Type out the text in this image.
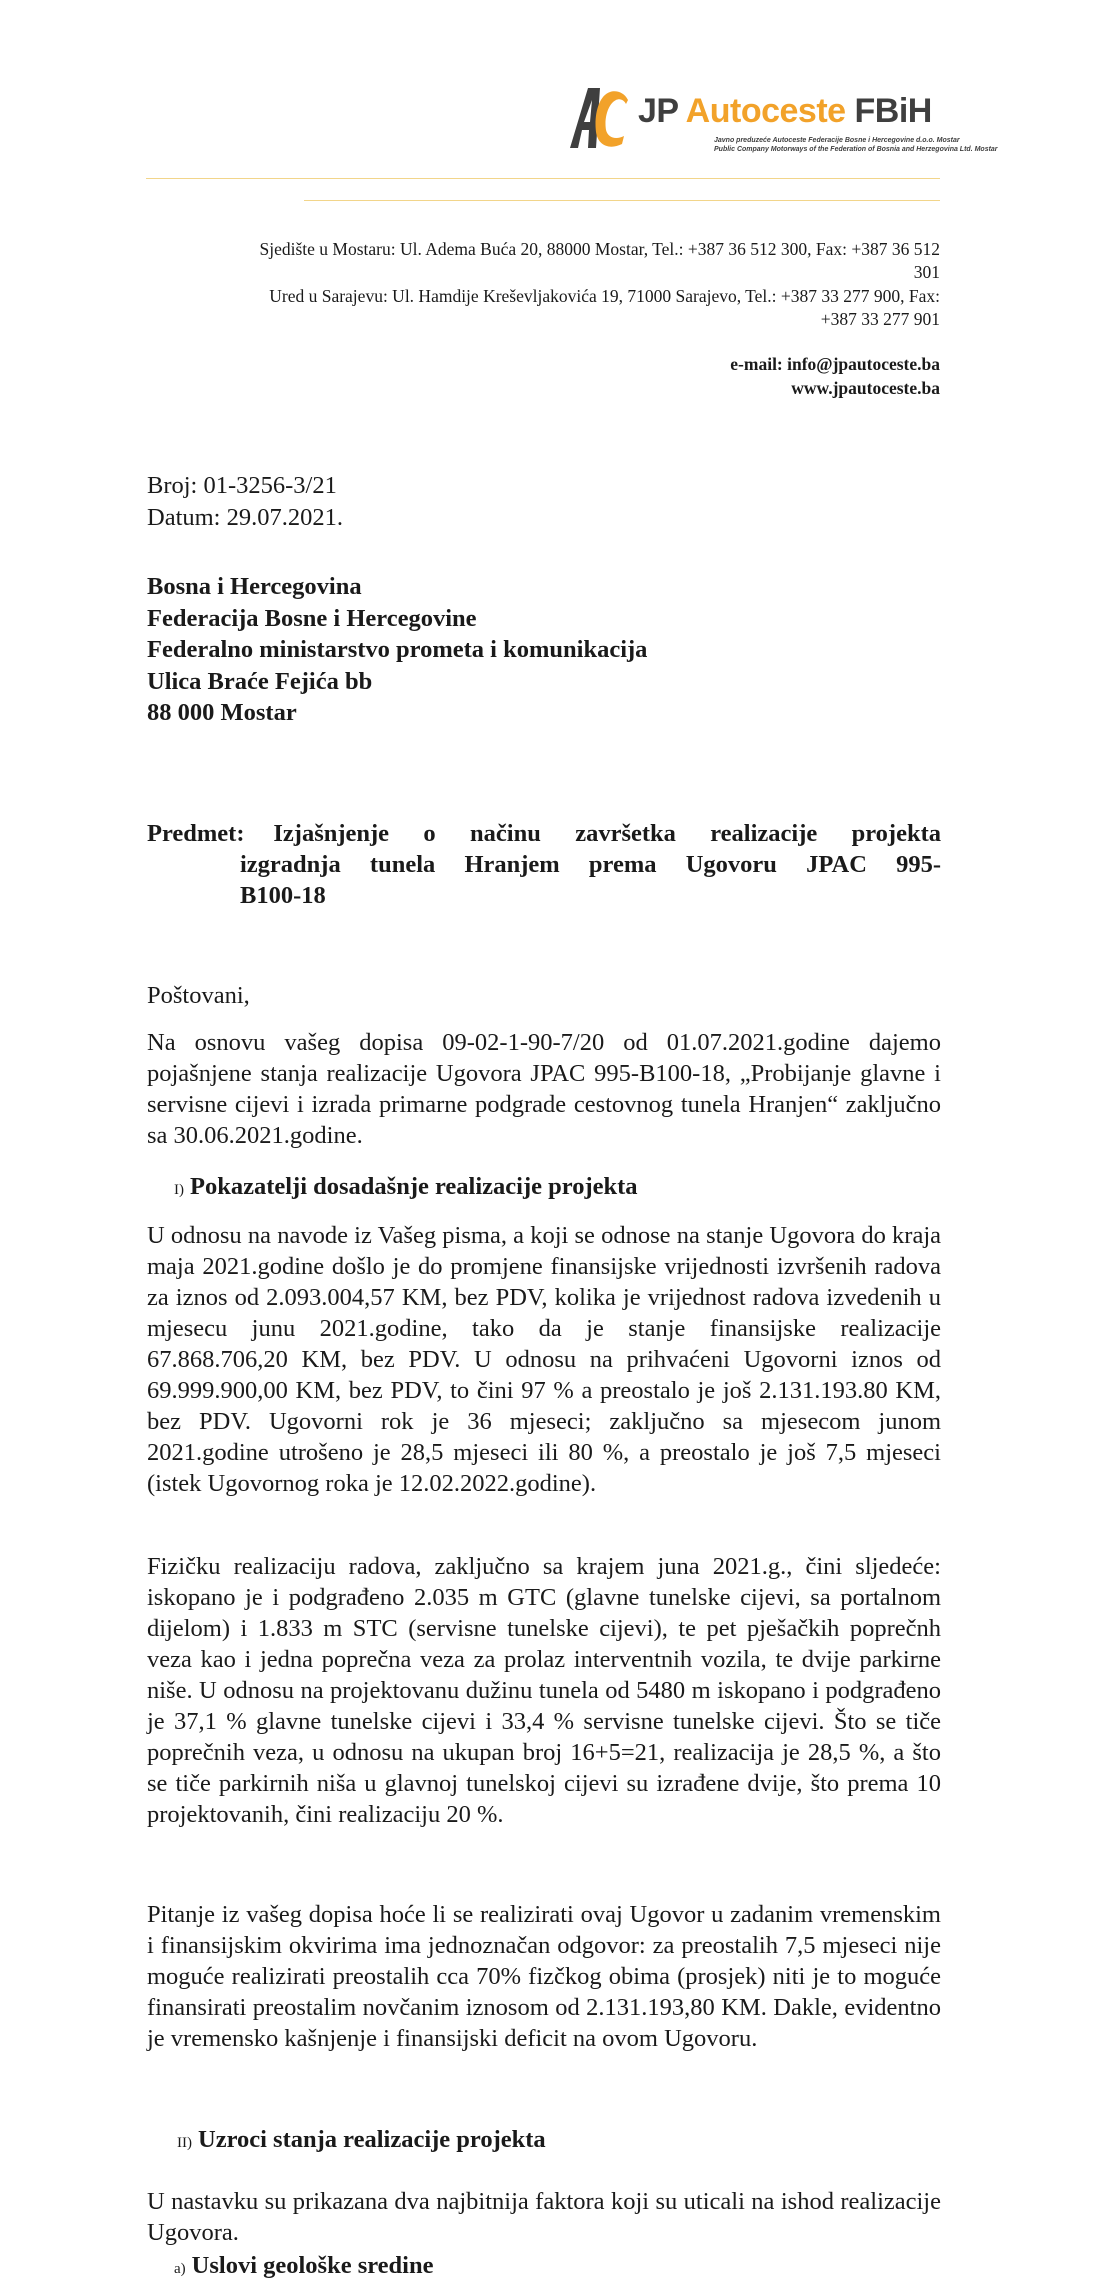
JP Autoceste FBiH
Javno preduzeće Autoceste Federacije Bosne i Hercegovine d.o.o. Mostar
Public Company Motorways of the Federation of Bosnia and Herzegovina Ltd. Mostar
Sjedište u Mostaru: Ul. Adema Buća 20, 88000 Mostar, Tel.: +387 36 512 300, Fax: +387 36 512
301
Ured u Sarajevu: Ul. Hamdije Kreševljakovića 19, 71000 Sarajevo, Tel.: +387 33 277 900, Fax:
+387 33 277 901
e-mail: info@jpautoceste.ba
www.jpautoceste.ba
Broj: 01-3256-3/21
Datum: 29.07.2021.
Bosna i Hercegovina
Federacija Bosne i Hercegovine
Federalno ministarstvo prometa i komunikacija
Ulica Braće Fejića bb
88 000 Mostar
Predmet: Izjašnjenje o načinu završetka realizacije projekta
izgradnja tunela Hranjem prema Ugovoru JPAC 995-
B100-18
Poštovani,
Na osnovu vašeg dopisa 09-02-1-90-7/20 od 01.07.2021.godine dajemo pojašnjene stanja realizacije Ugovora JPAC 995-B100-18, „Probijanje glavne i servisne cijevi i izrada primarne podgrade cestovnog tunela Hranjen“ zaključno sa 30.06.2021.godine.
I) Pokazatelji dosadašnje realizacije projekta
U odnosu na navode iz Vašeg pisma, a koji se odnose na stanje Ugovora do kraja maja 2021.godine došlo je do promjene finansijske vrijednosti izvršenih radova za iznos od 2.093.004,57 KM, bez PDV, kolika je vrijednost radova izvedenih u mjesecu junu 2021.godine, tako da je stanje finansijske realizacije 67.868.706,20 KM, bez PDV. U odnosu na prihvaćeni Ugovorni iznos od 69.999.900,00 KM, bez PDV, to čini 97 % a preostalo je još 2.131.193.80 KM, bez PDV. Ugovorni rok je 36 mjeseci; zaključno sa mjesecom junom 2021.godine utrošeno je 28,5 mjeseci ili 80 %, a preostalo je još 7,5 mjeseci (istek Ugovornog roka je 12.02.2022.godine).
Fizičku realizaciju radova, zaključno sa krajem juna 2021.g., čini sljedeće: iskopano je i podgrađeno 2.035 m GTC (glavne tunelske cijevi, sa portalnom dijelom) i 1.833 m STC (servisne tunelske cijevi), te pet pješačkih poprečnh veza kao i jedna poprečna veza za prolaz interventnih vozila, te dvije parkirne niše. U odnosu na projektovanu dužinu tunela od 5480 m iskopano i podgrađeno je 37,1 % glavne tunelske cijevi i 33,4 % servisne tunelske cijevi. Što se tiče poprečnih veza, u odnosu na ukupan broj 16+5=21, realizacija je 28,5 %, a što se tiče parkirnih niša u glavnoj tunelskoj cijevi su izrađene dvije, što prema 10 projektovanih, čini realizaciju 20 %.
Pitanje iz vašeg dopisa hoće li se realizirati ovaj Ugovor u zadanim vremenskim i finansijskim okvirima ima jednoznačan odgovor: za preostalih 7,5 mjeseci nije moguće realizirati preostalih cca 70% fizčkog obima (prosjek) niti je to moguće finansirati preostalim novčanim iznosom od 2.131.193,80 KM. Dakle, evidentno je vremensko kašnjenje i finansijski deficit na ovom Ugovoru.
II) Uzroci stanja realizacije projekta
U nastavku su prikazana dva najbitnija faktora koji su uticali na ishod realizacije Ugovora.
a) Uslovi geološke sredine
